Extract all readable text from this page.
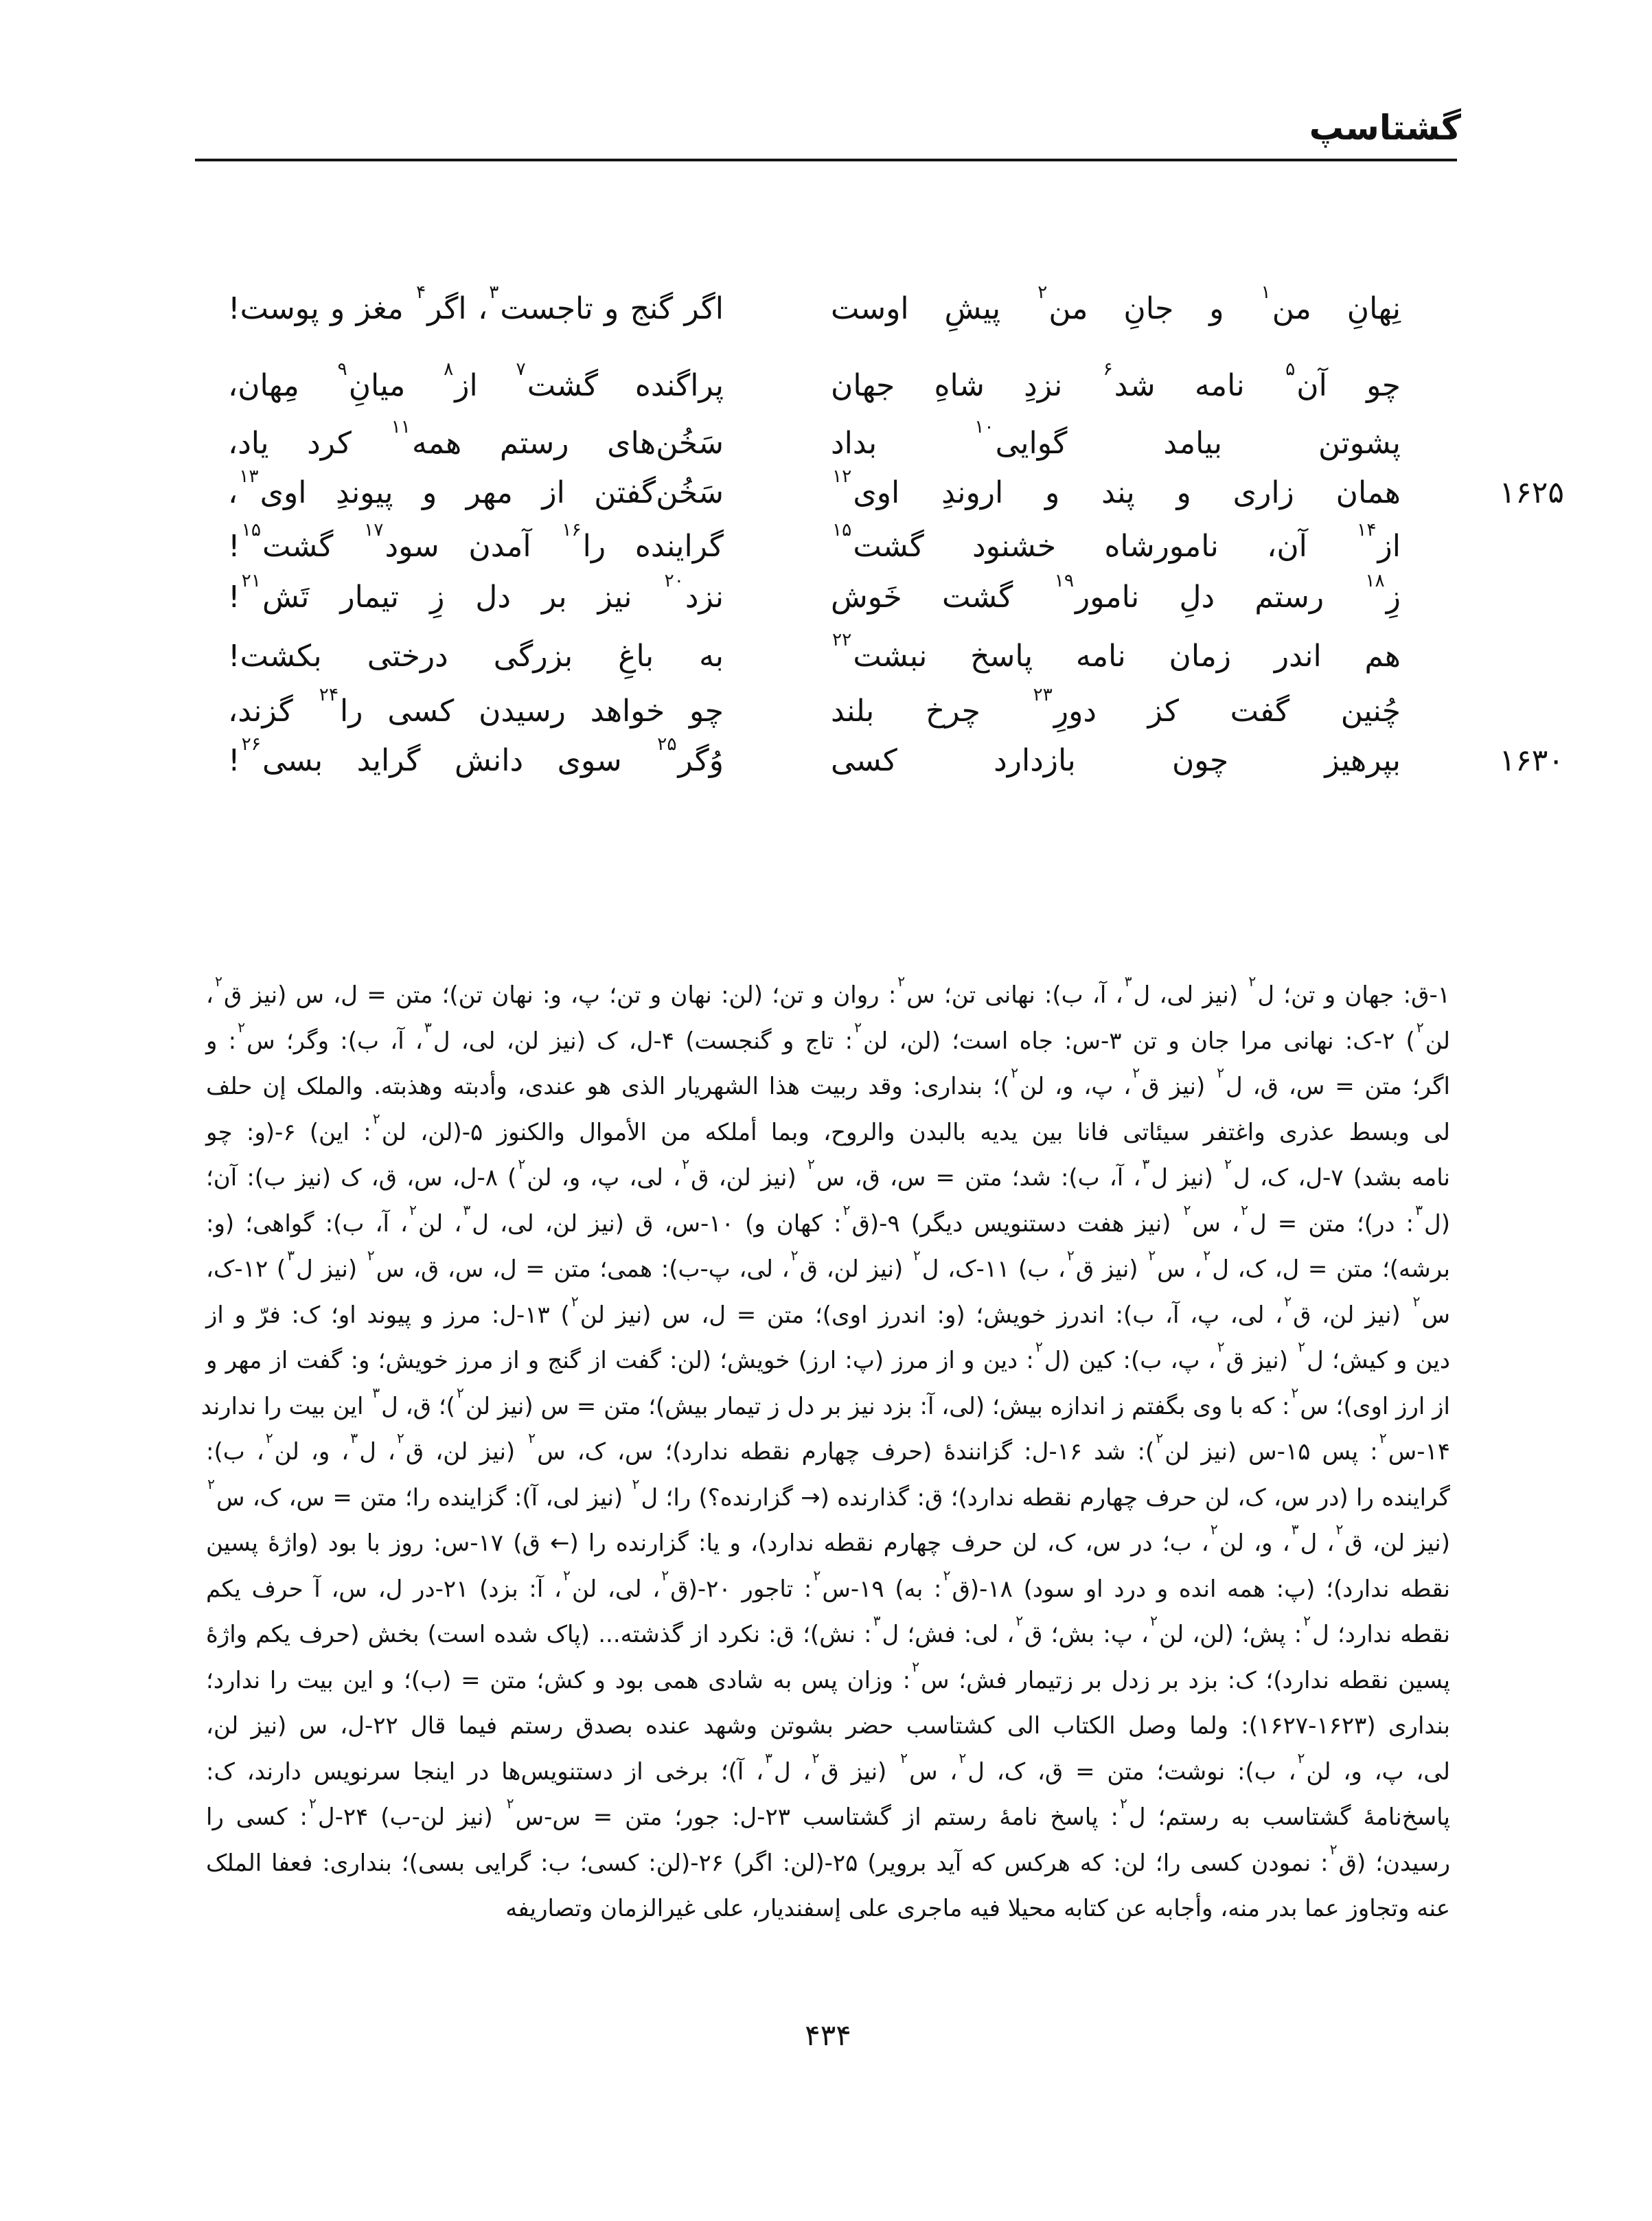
گشتاسپ
نِهانِ من$^۱$ و جانِ من$^۲$ پیشِ اوست
اگر گنج و تاجست$^۳$، اگر$^۴$ مغز و پوست!
چو آن$^۵$ نامه شد$^۶$ نزدِ شاهِ جهان
پراگنده گشت$^۷$ از$^۸$ میانِ$^۹$ مِهان،
پشوتن بیامد گوایی$^{۱۰}$ بداد
سَخُن‌های رستم همه$^{۱۱}$ کرد یاد،
همان زاری و پند و اروندِ اوی$^{۱۲}$
سَخُن‌گفتن از مهر و پیوندِ اوی$^{۱۳}$،	۱۶۲۵
از$^{۱۴}$ آن، نامورشاه خشنود گشت$^{۱۵}$
گراینده را$^{۱۶}$ آمدن سود$^{۱۷}$ گشت$^{۱۵}$!
زِ$^{۱۸}$ رستم دلِ نامور$^{۱۹}$ گشت خَوش
نزد$^{۲۰}$ نیز بر دل زِ تیمار تَش$^{۲۱}$!
هم اندر زمان نامه پاسخ نبشت$^{۲۲}$
به باغِ بزرگی درختی بکشت!
چُنین گفت کز دورِ$^{۲۳}$ چرخ بلند
چو خواهد رسیدن کسی را$^{۲۴}$ گزند،
بپرهیز چون بازدارد کسی
وُگر$^{۲۵}$ سوی دانش گراید بسی$^{۲۶}$!	۱۶۳۰
۱-ق: جهان و تن؛ ل$^۲$ (نیز لی، ل$^۳$، آ، ب): نهانی تن؛ س$^۲$: روان و تن؛ (لن: نهان و تن؛ پ، و: نهان تن)؛ متن = ل، س (نیز ق$^۲$،
لن$^۲$) ۲-ک: نهانی مرا جان و تن ۳-س: جاه است؛ (لن، لن$^۲$: تاج و گنجست) ۴-ل، ک (نیز لن، لی، ل$^۳$، آ، ب): وگر؛ س$^۲$: و
اگر؛ متن = س، ق، ل$^۲$ (نیز ق$^۲$، پ، و، لن$^۲$)؛ بنداری: وقد ربیت هذا الشهریار الذی هو عندی، وأدبته وهذبته. والملک إن حلف
لی وبسط عذری واغتفر سیئاتی فانا بین یدیه بالبدن والروح، وبما أملکه من الأموال والکنوز ۵-(لن، لن$^۲$: این) ۶-(و: چو
نامه بشد) ۷-ل، ک، ل$^۲$ (نیز ل$^۳$، آ، ب): شد؛ متن = س، ق، س$^۲$ (نیز لن، ق$^۲$، لی، پ، و، لن$^۲$) ۸-ل، س، ق، ک (نیز ب): آن؛
(ل$^۳$: در)؛ متن = ل$^۲$، س$^۲$ (نیز هفت دستنویس دیگر) ۹-(ق$^۲$: کهان و) ۱۰-س، ق (نیز لن، لی، ل$^۳$، لن$^۲$، آ، ب): گواهی؛ (و:
برشه)؛ متن = ل، ک، ل$^۲$، س$^۲$ (نیز ق$^۲$، ب) ۱۱-ک، ل$^۲$ (نیز لن، ق$^۲$، لی، پ-ب): همی؛ متن = ل، س، ق، س$^۲$ (نیز ل$^۳$) ۱۲-ک،
س$^۲$ (نیز لن، ق$^۲$، لی، پ، آ، ب): اندرز خویش؛ (و: اندرز اوی)؛ متن = ل، س (نیز لن$^۲$) ۱۳-ل: مرز و پیوند او؛ ک: فرّ و از
دین و کیش؛ ل$^۲$ (نیز ق$^۲$، پ، ب): کین (ل$^۲$: دین و از مرز (پ: ارز) خویش؛ (لن: گفت از گنج و از مرز خویش؛ و: گفت از مهر و
از ارز اوی)؛ س$^۲$: که با وی بگفتم ز اندازه بیش؛ (لی، آ: بزد نیز بر دل ز تیمار بیش)؛ متن = س (نیز لن$^۲$)؛ ق، ل$^۳$ این بیت را ندارند
۱۴-س$^۲$: پس ۱۵-س (نیز لن$^۲$): شد ۱۶-ل: گزانندهٔ (حرف چهارم نقطه ندارد)؛ س، ک، س$^۲$ (نیز لن، ق$^۲$، ل$^۳$، و، لن$^۲$، ب):
گراینده را (در س، ک، لن حرف چهارم نقطه ندارد)؛ ق: گذارنده (→ گزارنده؟) را؛ ل$^۲$ (نیز لی، آ): گزاینده را؛ متن = س، ک، س$^۲$
(نیز لن، ق$^۲$، ل$^۳$، و، لن$^۲$، ب؛ در س، ک، لن حرف چهارم نقطه ندارد)، و یا: گزارنده را (← ق) ۱۷-س: روز با بود (واژهٔ پسین
نقطه ندارد)؛ (پ: همه انده و درد او سود) ۱۸-(ق$^۲$: به) ۱۹-س$^۲$: تاجور ۲۰-(ق$^۲$، لی، لن$^۲$، آ: بزد) ۲۱-در ل، س، آ حرف یکم
نقطه ندارد؛ ل$^۲$: پش؛ (لن، لن$^۲$، پ: بش؛ ق$^۲$، لی: فش؛ ل$^۳$: نش)؛ ق: نکرد از گذشته... (پاک شده است) بخش (حرف یکم واژهٔ
پسین نقطه ندارد)؛ ک: بزد بر زدل بر زتیمار فش؛ س$^۲$: وزان پس به شادی همی بود و کش؛ متن = (ب)؛ و این بیت را ندارد؛
بنداری (۱۶۲۳-۱۶۲۷): ولما وصل الکتاب الی کشتاسب حضر بشوتن وشهد عنده بصدق رستم فیما قال ۲۲-ل، س (نیز لن،
لی، پ، و، لن$^۲$، ب): نوشت؛ متن = ق، ک، ل$^۲$، س$^۲$ (نیز ق$^۲$، ل$^۳$، آ)؛ برخی از دستنویس‌ها در اینجا سرنویس دارند، ک:
پاسخ‌نامهٔ گشتاسب به رستم؛ ل$^۲$: پاسخ نامهٔ رستم از گشتاسب ۲۳-ل: جور؛ متن = س-س$^۲$ (نیز لن-ب) ۲۴-ل$^۲$: کسی را
رسیدن؛ (ق$^۲$: نمودن کسی را؛ لن: که هرکس که آید برویر) ۲۵-(لن: اگر) ۲۶-(لن: کسی؛ ب: گرایی بسی)؛ بنداری: فعفا الملک
عنه وتجاوز عما بدر منه، وأجابه عن کتابه محیلا فیه ماجری علی إسفندیار، علی غیرالزمان وتصاریفه
۴۳۴
